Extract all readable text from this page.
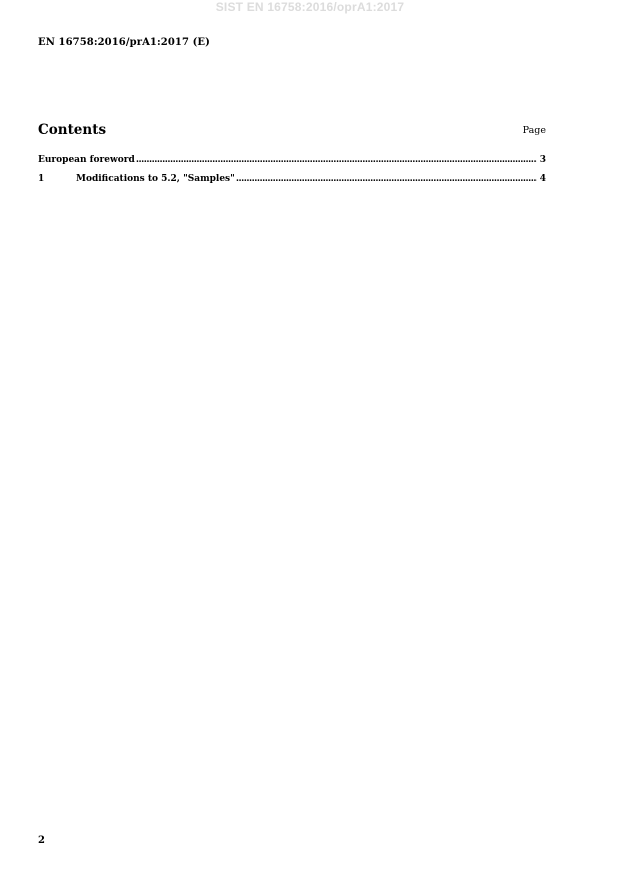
SIST EN 16758:2016/oprA1:2017
EN 16758:2016/prA1:2017 (E)
Contents	Page
European foreword .....	3
1	Modifications to 5.2, "Samples" .....	4
2
